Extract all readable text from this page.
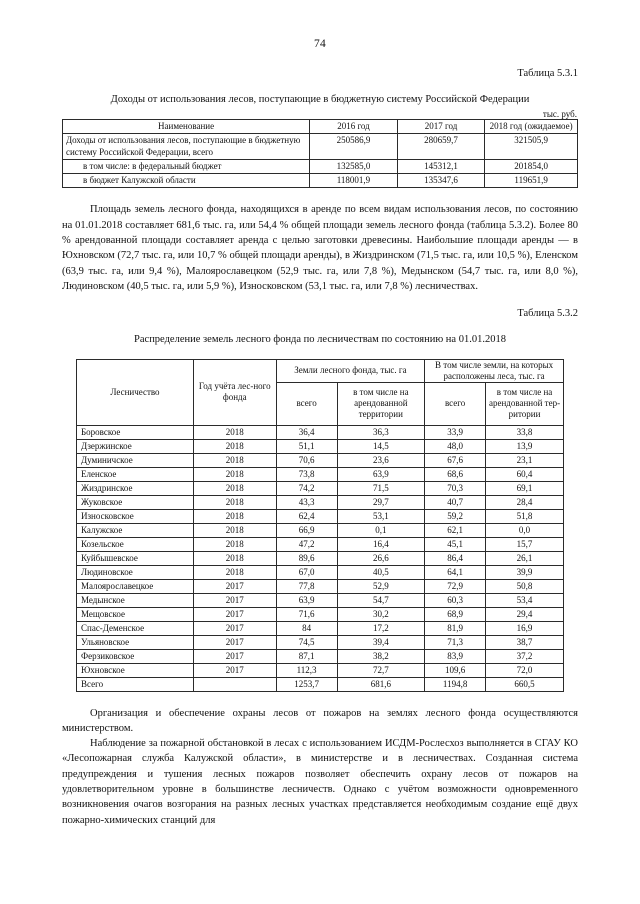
74

Таблица 5.3.1

Доходы от использования лесов, поступающие в бюджетную систему Российской Федерации

тыс. руб.

Наименование	2016 год	2017 год	2018 год (ожидаемое)
Доходы от использования лесов, поступающие в бюджетную систему Российской Федерации, всего	250586,9	280659,7	321505,9
в том числе: в федеральный бюджет	132585,0	145312,1	201854,0
в бюджет Калужской области	118001,9	135347,6	119651,9

Площадь земель лесного фонда, находящихся в аренде по всем видам использования лесов, по состоянию на 01.01.2018 составляет 681,6 тыс. га, или 54,4 % общей площади земель лесного фонда (таблица 5.3.2). Более 80 % арендованной площади составляет аренда с целью заготовки древесины. Наибольшие площади аренды — в Юхновском (72,7 тыс. га, или 10,7 % общей площади аренды), в Жиздринском (71,5 тыс. га, или 10,5 %), Еленском (63,9 тыс. га, или 9,4 %), Малоярославецком (52,9 тыс. га, или 7,8 %), Медынском (54,7 тыс. га, или 8,0 %), Людиновском (40,5 тыс. га, или 5,9 %), Износковском (53,1 тыс. га, или 7,8 %) лесничествах.

Таблица 5.3.2

Распределение земель лесного фонда по лесничествам по состоянию на 01.01.2018

Лесничество	Год учёта лес-ного фонда	Земли лесного фонда, тыс. га		В том числе земли, на которых расположены леса, тыс. га	
		всего	в том числе на арендованной территории	всего	в том числе на арендованной тер-ритории
Боровское	2018	36,4	36,3	33,9	33,8
Дзержинское	2018	51,1	14,5	48,0	13,9
Думиничское	2018	70,6	23,6	67,6	23,1
Еленское	2018	73,8	63,9	68,6	60,4
Жиздринское	2018	74,2	71,5	70,3	69,1
Жуковское	2018	43,3	29,7	40,7	28,4
Износковское	2018	62,4	53,1	59,2	51,8
Калужское	2018	66,9	0,1	62,1	0,0
Козельское	2018	47,2	16,4	45,1	15,7
Куйбышевское	2018	89,6	26,6	86,4	26,1
Людиновское	2018	67,0	40,5	64,1	39,9
Малоярославецкое	2017	77,8	52,9	72,9	50,8
Медынское	2017	63,9	54,7	60,3	53,4
Мещовское	2017	71,6	30,2	68,9	29,4
Спас-Деменское	2017	84	17,2	81,9	16,9
Ульяновское	2017	74,5	39,4	71,3	38,7
Ферзиковское	2017	87,1	38,2	83,9	37,2
Юхновское	2017	112,3	72,7	109,6	72,0
Всего		1253,7	681,6	1194,8	660,5

Организация и обеспечение охраны лесов от пожаров на землях лесного фонда осуществляются министерством.

Наблюдение за пожарной обстановкой в лесах с использованием ИСДМ-Рослесхоз выполняется в СГАУ КО «Лесопожарная служба Калужской области», в министерстве и в лесничествах. Созданная система предупреждения и тушения лесных пожаров позволяет обеспечить охрану лесов от пожаров на удовлетворительном уровне в большинстве лесничеств. Однако с учётом возможности одновременного возникновения очагов возгорания на разных лесных участках представляется необходимым создание ещё двух пожарно-химических станций для
